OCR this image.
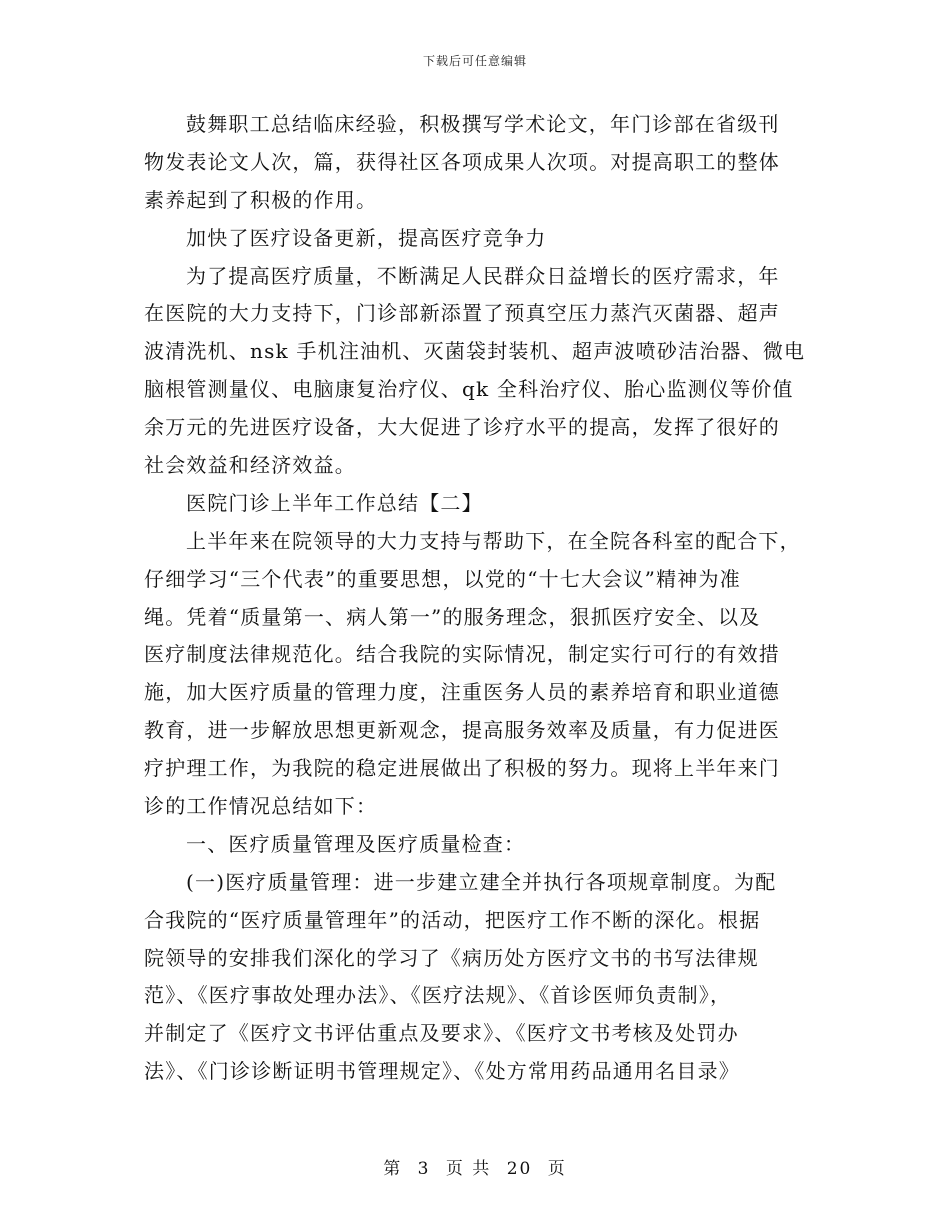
下载后可任意编辑
鼓舞职工总结临床经验，积极撰写学术论文，年门诊部在省级刊
物发表论文人次，篇，获得社区各项成果人次项。对提高职工的整体
素养起到了积极的作用。
加快了医疗设备更新，提高医疗竞争力
为了提高医疗质量，不断满足人民群众日益增长的医疗需求，年
在医院的大力支持下，门诊部新添置了预真空压力蒸汽灭菌器、超声
波清洗机、nsk 手机注油机、灭菌袋封装机、超声波喷砂洁治器、微电
脑根管测量仪、电脑康复治疗仪、qk 全科治疗仪、胎心监测仪等价值
余万元的先进医疗设备，大大促进了诊疗水平的提高，发挥了很好的
社会效益和经济效益。
医院门诊上半年工作总结【二】
上半年来在院领导的大力支持与帮助下，在全院各科室的配合下，
仔细学习“三个代表”的重要思想，以党的“十七大会议”精神为准
绳。凭着“质量第一、病人第一”的服务理念，狠抓医疗安全、以及
医疗制度法律规范化。结合我院的实际情况，制定实行可行的有效措
施，加大医疗质量的管理力度，注重医务人员的素养培育和职业道德
教育，进一步解放思想更新观念，提高服务效率及质量，有力促进医
疗护理工作，为我院的稳定进展做出了积极的努力。现将上半年来门
诊的工作情况总结如下：
一、医疗质量管理及医疗质量检查：
(一)医疗质量管理：进一步建立建全并执行各项规章制度。为配
合我院的“医疗质量管理年”的活动，把医疗工作不断的深化。根据
院领导的安排我们深化的学习了《病历处方医疗文书的书写法律规
范》、《医疗事故处理办法》、《医疗法规》、《首诊医师负责制》，
并制定了《医疗文书评估重点及要求》、《医疗文书考核及处罚办
法》、《门诊诊断证明书管理规定》、《处方常用药品通用名目录》
第 3 页 共 20 页
